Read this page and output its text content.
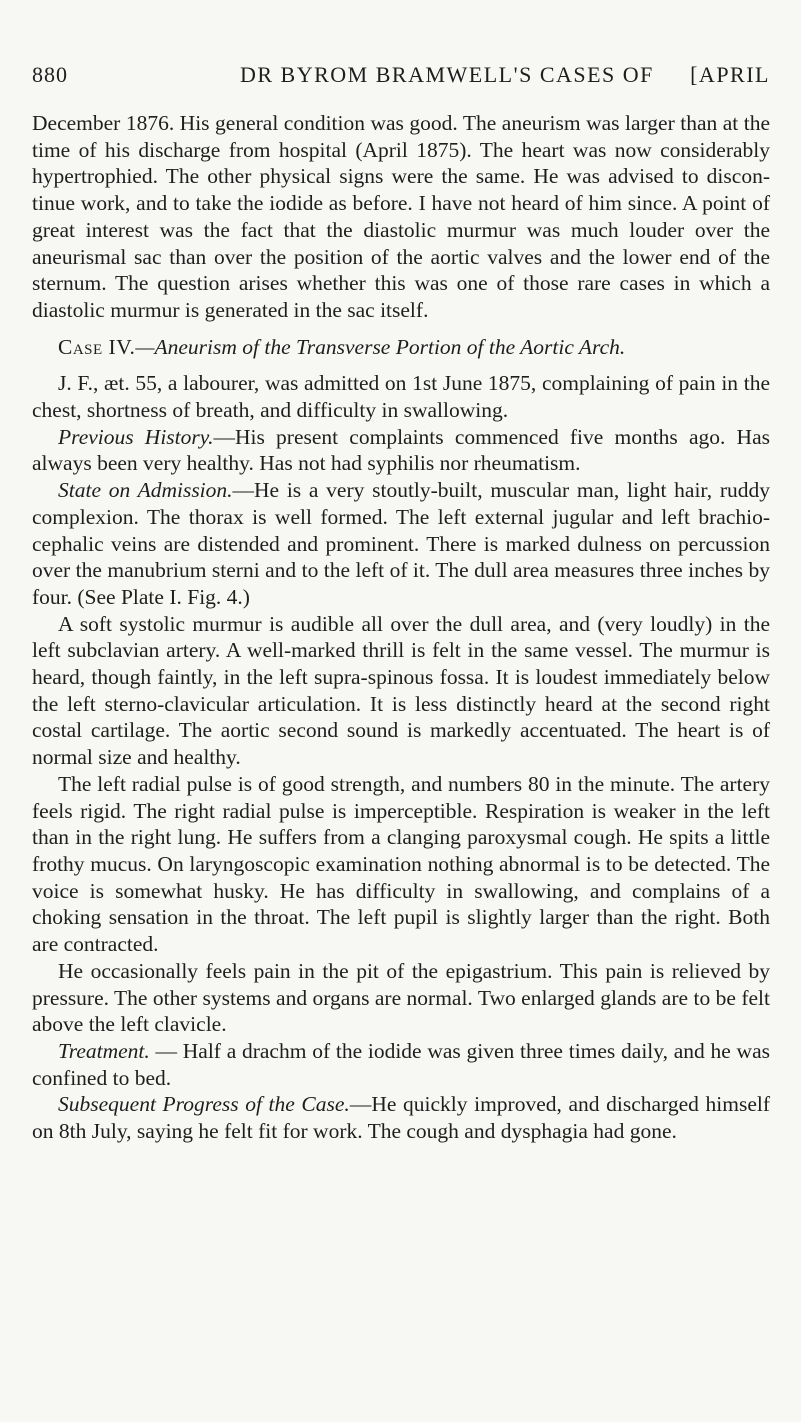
880	DR BYROM BRAMWELL'S CASES OF [APRIL

December 1876. His general condition was good. The aneurism was larger than at the time of his discharge from hospital (April 1875). The heart was now considerably hypertrophied. The other physical signs were the same. He was advised to discontinue work, and to take the iodide as before. I have not heard of him since. A point of great interest was the fact that the diastolic murmur was much louder over the aneurismal sac than over the position of the aortic valves and the lower end of the sternum. The question arises whether this was one of those rare cases in which a diastolic murmur is generated in the sac itself.

Case IV.—Aneurism of the Transverse Portion of the Aortic Arch.

J. F., æt. 55, a labourer, was admitted on 1st June 1875, complaining of pain in the chest, shortness of breath, and difficulty in swallowing.

Previous History.—His present complaints commenced five months ago. Has always been very healthy. Has not had syphilis nor rheumatism.

State on Admission.—He is a very stoutly-built, muscular man, light hair, ruddy complexion. The thorax is well formed. The left external jugular and left brachio-cephalic veins are distended and prominent. There is marked dulness on percussion over the manubrium sterni and to the left of it. The dull area measures three inches by four. (See Plate I. Fig. 4.)

A soft systolic murmur is audible all over the dull area, and (very loudly) in the left subclavian artery. A well-marked thrill is felt in the same vessel. The murmur is heard, though faintly, in the left supra-spinous fossa. It is loudest immediately below the left sterno-clavicular articulation. It is less distinctly heard at the second right costal cartilage. The aortic second sound is markedly accentuated. The heart is of normal size and healthy.

The left radial pulse is of good strength, and numbers 80 in the minute. The artery feels rigid. The right radial pulse is imperceptible. Respiration is weaker in the left than in the right lung. He suffers from a clanging paroxysmal cough. He spits a little frothy mucus. On laryngoscopic examination nothing abnormal is to be detected. The voice is somewhat husky. He has difficulty in swallowing, and complains of a choking sensation in the throat. The left pupil is slightly larger than the right. Both are contracted.

He occasionally feels pain in the pit of the epigastrium. This pain is relieved by pressure. The other systems and organs are normal. Two enlarged glands are to be felt above the left clavicle.

Treatment. — Half a drachm of the iodide was given three times daily, and he was confined to bed.

Subsequent Progress of the Case.—He quickly improved, and discharged himself on 8th July, saying he felt fit for work. The cough and dysphagia had gone.
